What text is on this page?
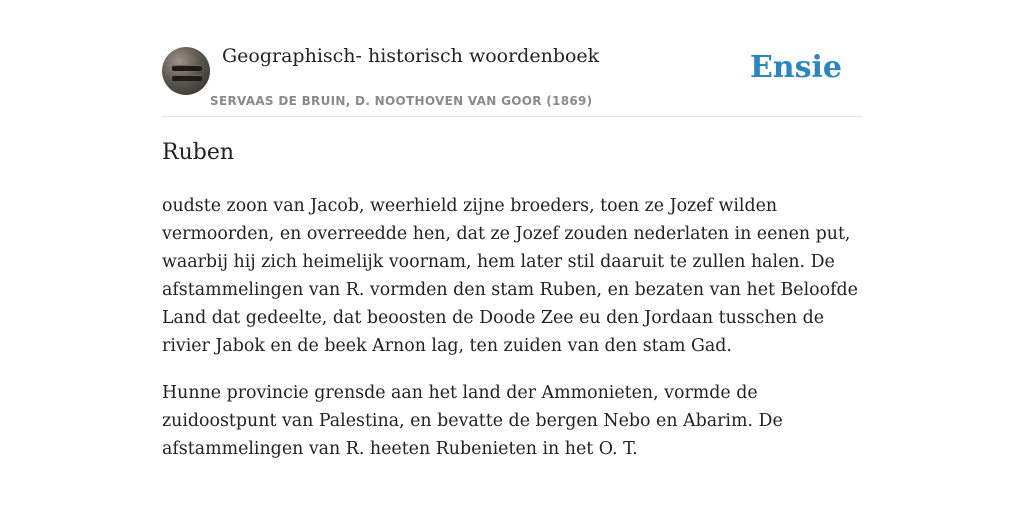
Geographisch- historisch woordenboek
SERVAAS DE BRUIN, D. NOOTHOVEN VAN GOOR (1869)
Ensie
Ruben

oudste zoon van Jacob, weerhield zijne broeders, toen ze Jozef wilden vermoorden, en overreedde hen, dat ze Jozef zouden nederlaten in eenen put, waarbij hij zich heimelijk voornam, hem later stil daaruit te zullen halen. De afstammelingen van R. vormden den stam Ruben, en bezaten van het Beloofde Land dat gedeelte, dat beoosten de Doode Zee eu den Jordaan tusschen de rivier Jabok en de beek Arnon lag, ten zuiden van den stam Gad.

Hunne provincie grensde aan het land der Ammonieten, vormde de zuidoostpunt van Palestina, en bevatte de bergen Nebo en Abarim. De afstammelingen van R. heeten Rubenieten in het O. T.
